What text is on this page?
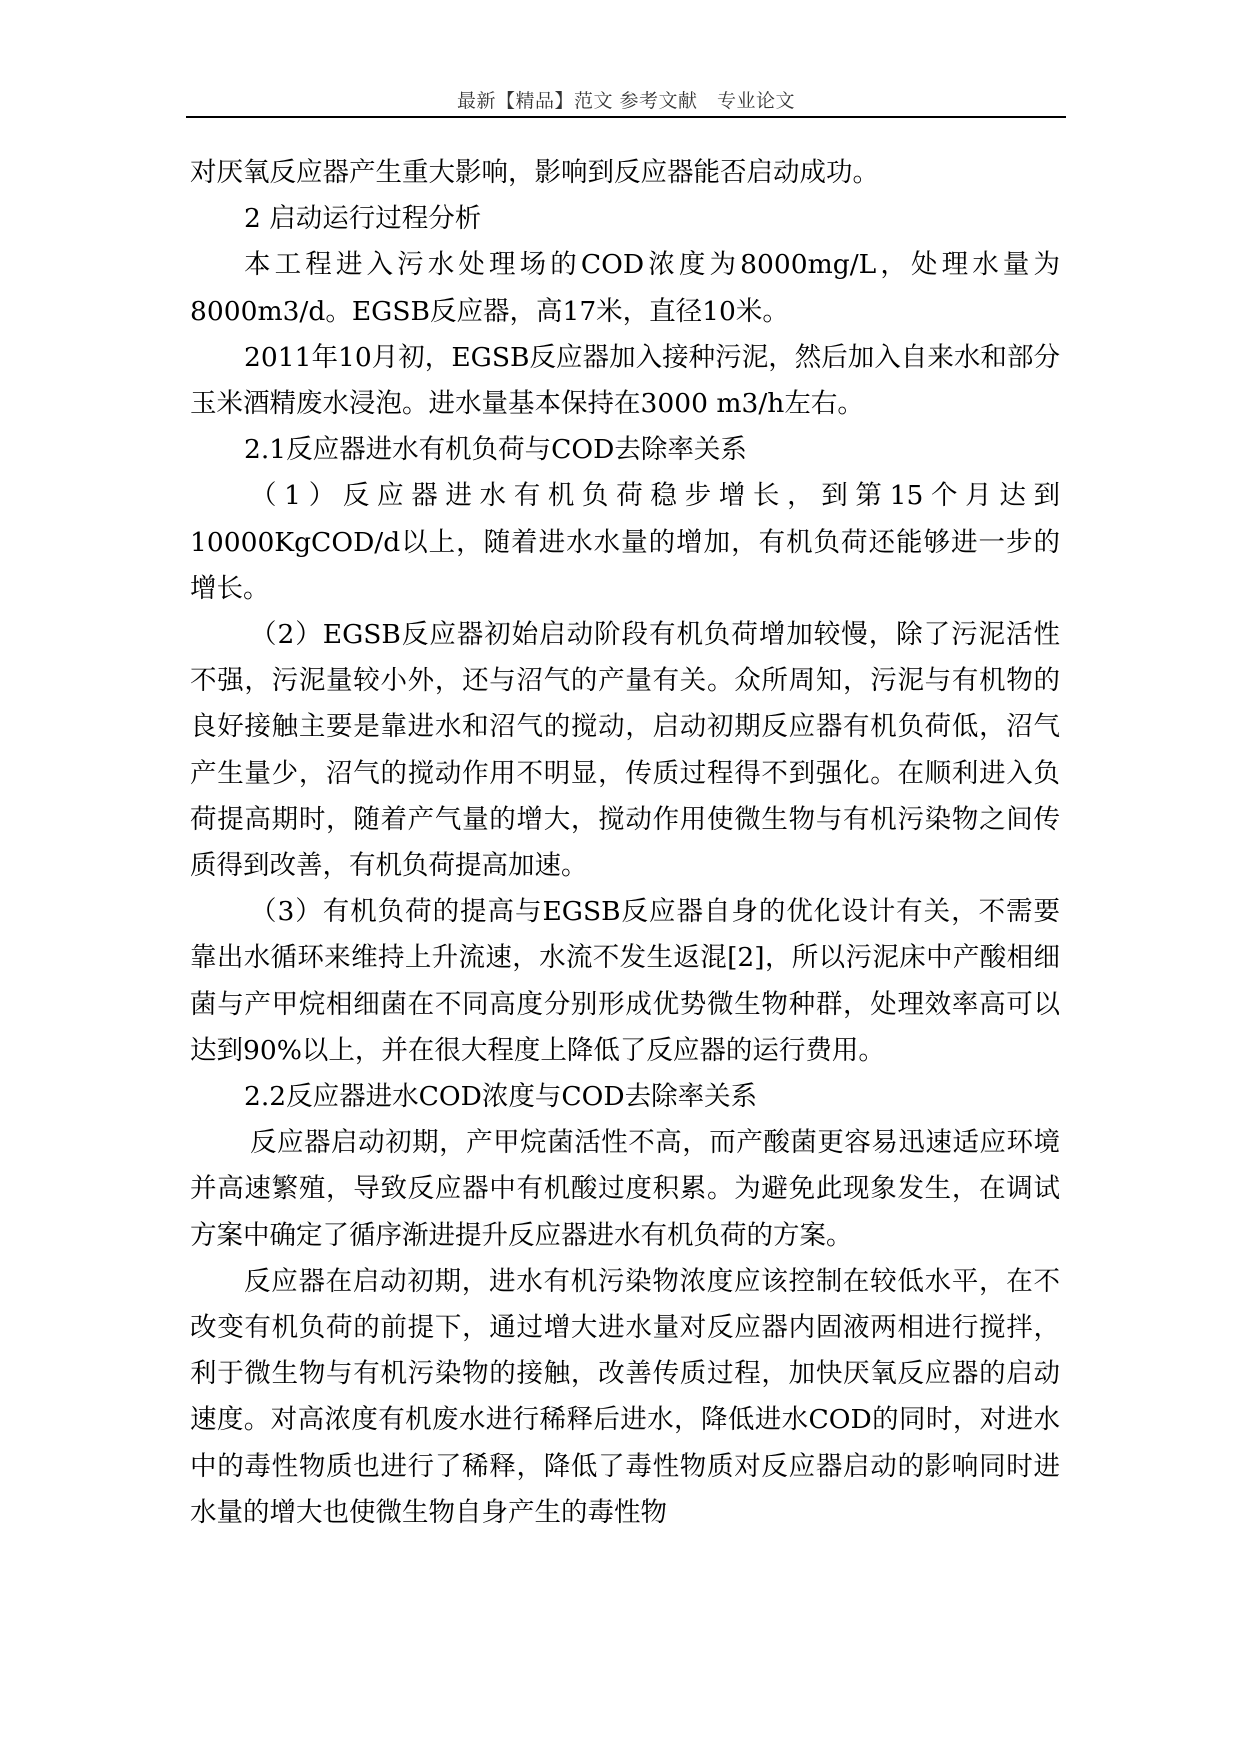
最新【精品】范文 参考文献　专业论文

对厌氧反应器产生重大影响，影响到反应器能否启动成功。

2 启动运行过程分析

本工程进入污水处理场的COD浓度为8000mg/L，处理水量为8000m3/d。EGSB反应器，高17米，直径10米。

2011年10月初，EGSB反应器加入接种污泥，然后加入自来水和部分玉米酒精废水浸泡。进水量基本保持在3000 m3/h左右。

2.1反应器进水有机负荷与COD去除率关系

（1）反应器进水有机负荷稳步增长，到第15个月达到10000KgCOD/d以上，随着进水水量的增加，有机负荷还能够进一步的增长。

（2）EGSB反应器初始启动阶段有机负荷增加较慢，除了污泥活性不强，污泥量较小外，还与沼气的产量有关。众所周知，污泥与有机物的良好接触主要是靠进水和沼气的搅动，启动初期反应器有机负荷低，沼气产生量少，沼气的搅动作用不明显，传质过程得不到强化。在顺利进入负荷提高期时，随着产气量的增大，搅动作用使微生物与有机污染物之间传质得到改善，有机负荷提高加速。

（3）有机负荷的提高与EGSB反应器自身的优化设计有关，不需要靠出水循环来维持上升流速，水流不发生返混[2]，所以污泥床中产酸相细菌与产甲烷相细菌在不同高度分别形成优势微生物种群，处理效率高可以达到90%以上，并在很大程度上降低了反应器的运行费用。

2.2反应器进水COD浓度与COD去除率关系

反应器启动初期，产甲烷菌活性不高，而产酸菌更容易迅速适应环境并高速繁殖，导致反应器中有机酸过度积累。为避免此现象发生，在调试方案中确定了循序渐进提升反应器进水有机负荷的方案。

反应器在启动初期，进水有机污染物浓度应该控制在较低水平，在不改变有机负荷的前提下，通过增大进水量对反应器内固液两相进行搅拌，利于微生物与有机污染物的接触，改善传质过程，加快厌氧反应器的启动速度。对高浓度有机废水进行稀释后进水，降低进水COD的同时，对进水中的毒性物质也进行了稀释，降低了毒性物质对反应器启动的影响同时进水量的增大也使微生物自身产生的毒性物
